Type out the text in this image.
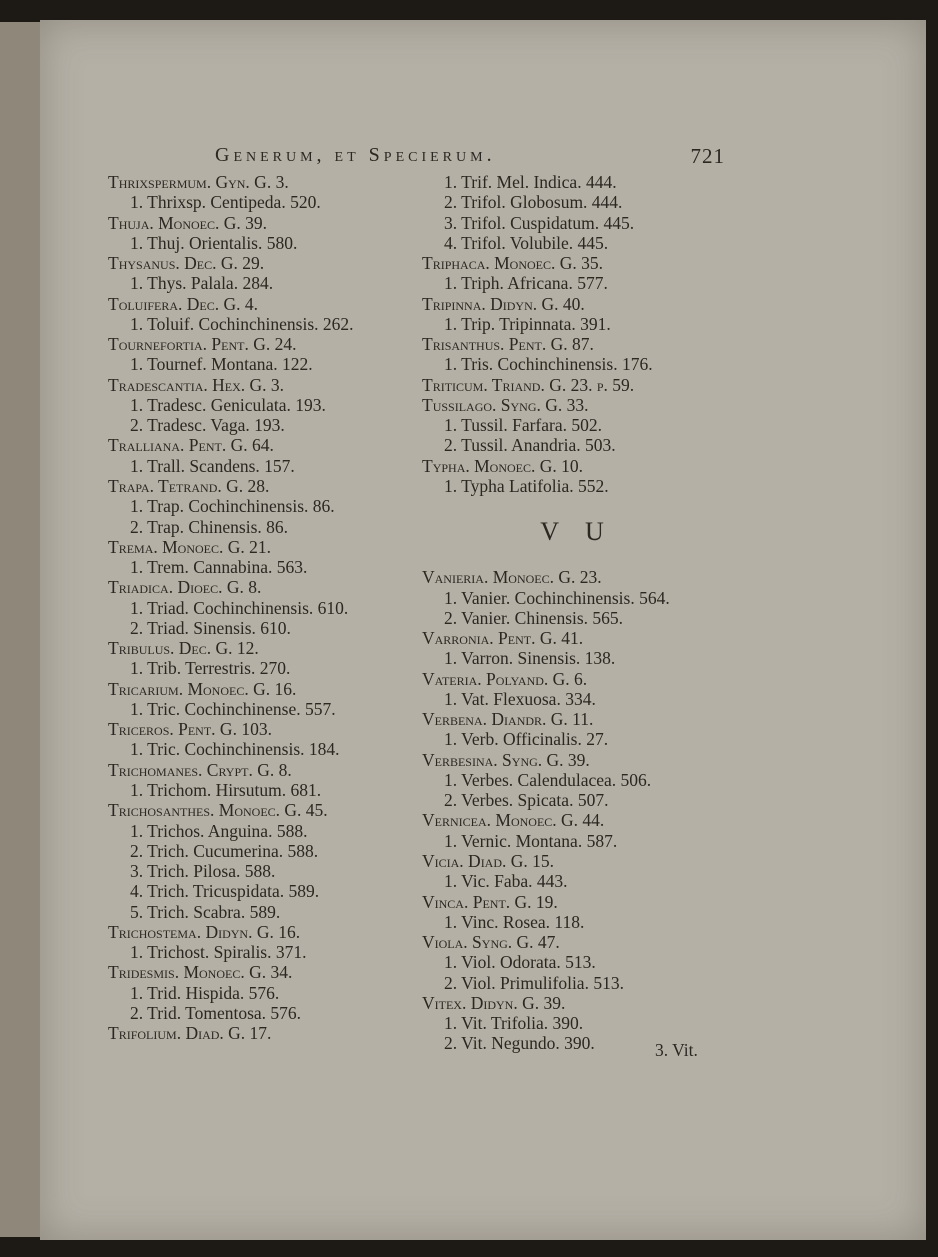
Generum, et Specierum.	721
Thrixspermum. Gyn. G. 3.
1. Thrixsp. Centipeda. 520.
Thuja. Monoec. G. 39.
1. Thuj. Orientalis. 580.
Thysanus. Dec. G. 29.
1. Thys. Palala. 284.
Toluifera. Dec. G. 4.
1. Toluif. Cochinchinensis. 262.
Tournefortia. Pent. G. 24.
1. Tournef. Montana. 122.
Tradescantia. Hex. G. 3.
1. Tradesc. Geniculata. 193.
2. Tradesc. Vaga. 193.
Tralliana. Pent. G. 64.
1. Trall. Scandens. 157.
Trapa. Tetrand. G. 28.
1. Trap. Cochinchinensis. 86.
2. Trap. Chinensis. 86.
Trema. Monoec. G. 21.
1. Trem. Cannabina. 563.
Triadica. Dioec. G. 8.
1. Triad. Cochinchinensis. 610.
2. Triad. Sinensis. 610.
Tribulus. Dec. G. 12.
1. Trib. Terrestris. 270.
Tricarium. Monoec. G. 16.
1. Tric. Cochinchinense. 557.
Triceros. Pent. G. 103.
1. Tric. Cochinchinensis. 184.
Trichomanes. Crypt. G. 8.
1. Trichom. Hirsutum. 681.
Trichosanthes. Monoec. G. 45.
1. Trichos. Anguina. 588.
2. Trich. Cucumerina. 588.
3. Trich. Pilosa. 588.
4. Trich. Tricuspidata. 589.
5. Trich. Scabra. 589.
Trichostema. Didyn. G. 16.
1. Trichost. Spiralis. 371.
Tridesmis. Monoec. G. 34.
1. Trid. Hispida. 576.
2. Trid. Tomentosa. 576.
Trifolium. Diad. G. 17.
1. Trif. Mel. Indica. 444.
2. Trifol. Globosum. 444.
3. Trifol. Cuspidatum. 445.
4. Trifol. Volubile. 445.
Triphaca. Monoec. G. 35.
1. Triph. Africana. 577.
Tripinna. Didyn. G. 40.
1. Trip. Tripinnata. 391.
Trisanthus. Pent. G. 87.
1. Tris. Cochinchinensis. 176.
Triticum. Triand. G. 23. p. 59.
Tussilago. Syng. G. 33.
1. Tussil. Farfara. 502.
2. Tussil. Anandria. 503.
Typha. Monoec. G. 10.
1. Typha Latifolia. 552.
V U
Vanieria. Monoec. G. 23.
1. Vanier. Cochinchinensis. 564.
2. Vanier. Chinensis. 565.
Varronia. Pent. G. 41.
1. Varron. Sinensis. 138.
Vateria. Polyand. G. 6.
1. Vat. Flexuosa. 334.
Verbena. Diandr. G. 11.
1. Verb. Officinalis. 27.
Verbesina. Syng. G. 39.
1. Verbes. Calendulacea. 506.
2. Verbes. Spicata. 507.
Vernicea. Monoec. G. 44.
1. Vernic. Montana. 587.
Vicia. Diad. G. 15.
1. Vic. Faba. 443.
Vinca. Pent. G. 19.
1. Vinc. Rosea. 118.
Viola. Syng. G. 47.
1. Viol. Odorata. 513.
2. Viol. Primulifolia. 513.
Vitex. Didyn. G. 39.
1. Vit. Trifolia. 390.
2. Vit. Negundo. 390.	3. Vit.
